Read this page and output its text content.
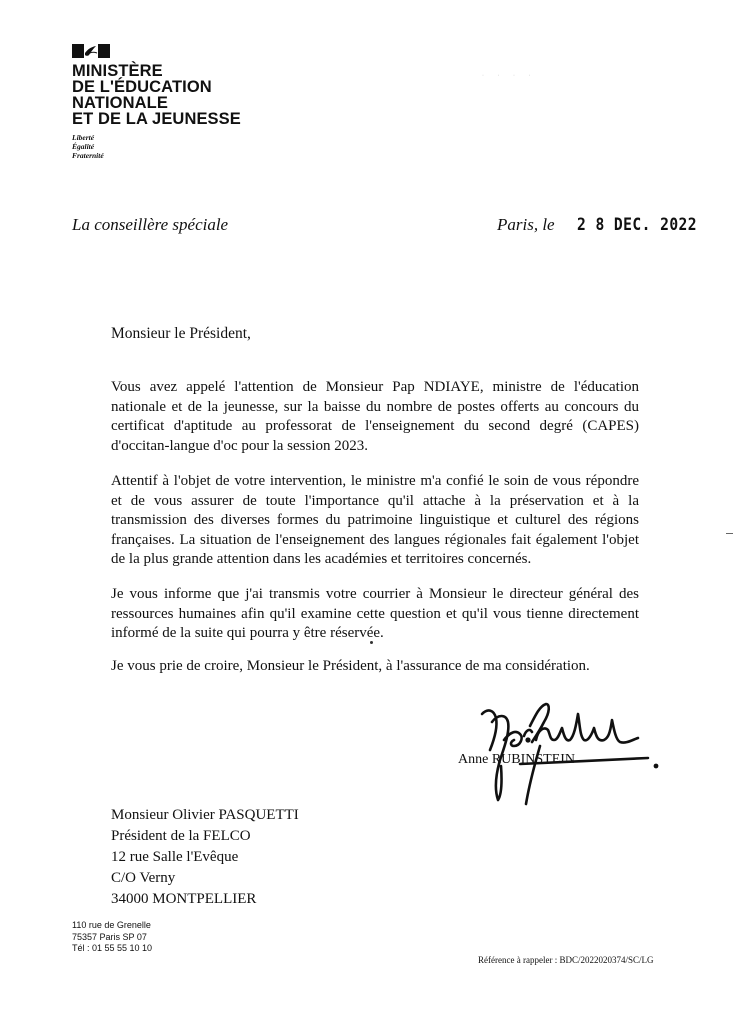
MINISTÈRE
DE L'ÉDUCATION
NATIONALE
ET DE LA JEUNESSE
Liberté
Égalité
Fraternité
· · · ·
La conseillère spéciale	Paris, le 2 8 DEC. 2022
Monsieur le Président,
Vous avez appelé l'attention de Monsieur Pap NDIAYE, ministre de l'éducation nationale et de la jeunesse, sur la baisse du nombre de postes offerts au concours du certificat d'aptitude au professorat de l'enseignement du second degré (CAPES) d'occitan-langue d'oc pour la session 2023.
Attentif à l'objet de votre intervention, le ministre m'a confié le soin de vous répondre et de vous assurer de toute l'importance qu'il attache à la préservation et à la transmission des diverses formes du patrimoine linguistique et culturel des régions françaises. La situation de l'enseignement des langues régionales fait également l'objet de la plus grande attention dans les académies et territoires concernés.
Je vous informe que j'ai transmis votre courrier à Monsieur le directeur général des ressources humaines afin qu'il examine cette question et qu'il vous tienne directement informé de la suite qui pourra y être réservée.
Je vous prie de croire, Monsieur le Président, à l'assurance de ma considération.
Anne RUBINSTEIN
Monsieur Olivier PASQUETTI
Président de la FELCO
12 rue Salle l'Evêque
C/O Verny
34000 MONTPELLIER
110 rue de Grenelle
75357 Paris SP 07
Tél : 01 55 55 10 10
Référence à rappeler : BDC/2022020374/SC/LG
